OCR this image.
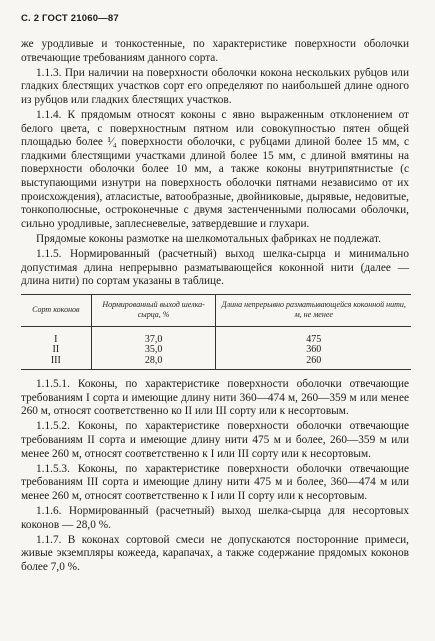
С. 2 ГОСТ 21060—87

же уродливые и тонкостенные, по характеристике поверхности оболочки отвечающие требованиям данного сорта.

1.1.3. При наличии на поверхности оболочки кокона нескольких рубцов или гладких блестящих участков сорт его определяют по наибольшей длине одного из рубцов или гладких блестящих участков.

1.1.4. К прядомым относят коконы с явно выраженным отклонением от белого цвета, с поверхностным пятном или совокупностью пятен общей площадью более ¹⁄₄ поверхности оболочки, с рубцами длиной более 15 мм, с гладкими блестящими участками длиной более 15 мм, с длиной вмятины на поверхности оболочки более 10 мм, а также коконы внутрипятнистые (с выступающими изнутри на поверхность оболочки пятнами независимо от их происхождения), атласистые, ватообразные, двойниковые, дырявые, недовитые, тонкополюсные, остроконечные с двумя застенченными полюсами оболочки, сильно уродливые, заплесневелые, затвердевшие и глухари.

Прядомые коконы размотке на шелкомотальных фабриках не подлежат.

1.1.5. Нормированный (расчетный) выход шелка-сырца и минимально допустимая длина непрерывно разматывающейся коконной нити (далее — длина нити) по сортам указаны в таблице.

Сорт коконов	Нормированный выход шелка-сырца, %	Длина непрерывно разматывающейся коконной нити, м, не менее
I	37,0	475
II	35,0	360
III	28,0	260

1.1.5.1. Коконы, по характеристике поверхности оболочки отвечающие требованиям I сорта и имеющие длину нити 360—474 м, 260—359 м или менее 260 м, относят соответственно ко II или III сорту или к несортовым.

1.1.5.2. Коконы, по характеристике поверхности оболочки отвечающие требованиям II сорта и имеющие длину нити 475 м и более, 260—359 м или менее 260 м, относят соответственно к I или III сорту или к несортовым.

1.1.5.3. Коконы, по характеристике поверхности оболочки отвечающие требованиям III сорта и имеющие длину нити 475 м и более, 360—474 м или менее 260 м, относят соответственно к I или II сорту или к несортовым.

1.1.6. Нормированный (расчетный) выход шелка-сырца для несортовых коконов — 28,0 %.

1.1.7. В коконах сортовой смеси не допускаются посторонние примеси, живые экземпляры кожееда, карапачах, а также содержание прядомых коконов более 7,0 %.
